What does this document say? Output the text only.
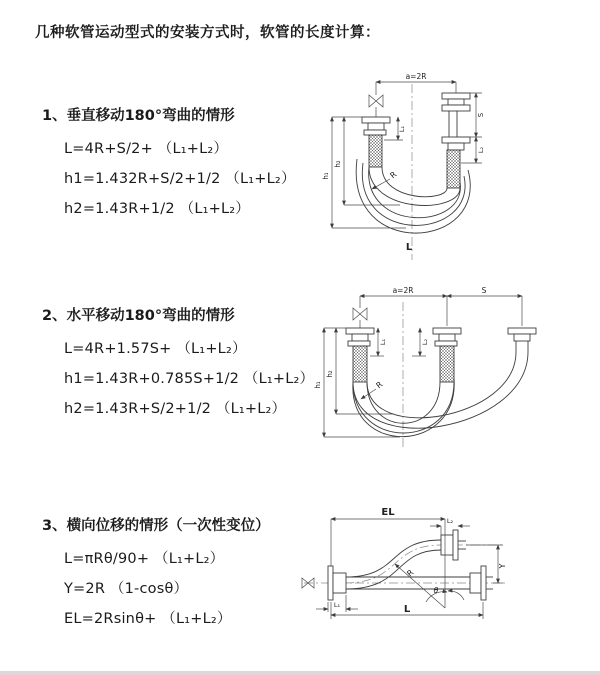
几种软管运动型式的安装方式时，软管的长度计算：
1、垂直移动180°弯曲的情形
L=4R+S/2+ （L₁+L₂）
h1=1.432R+S/2+1/2 （L₁+L₂）
h2=1.43R+1/2 （L₁+L₂）
2、水平移动180°弯曲的情形
L=4R+1.57S+ （L₁+L₂）
h1=1.43R+0.785S+1/2 （L₁+L₂）
h2=1.43R+S/2+1/2 （L₁+L₂）
3、横向位移的情形（一次性变位）
L=πRθ/90+ （L₁+L₂）
Y=2R （1-cosθ）
EL=2Rsinθ+ （L₁+L₂）
a=2R
h₁
h₂
L₁
S
L₂
R
L
a=2R	S
L₁	L₂
h₁
h₂
R
EL
L₂
Y
L₁	L
R
θ
